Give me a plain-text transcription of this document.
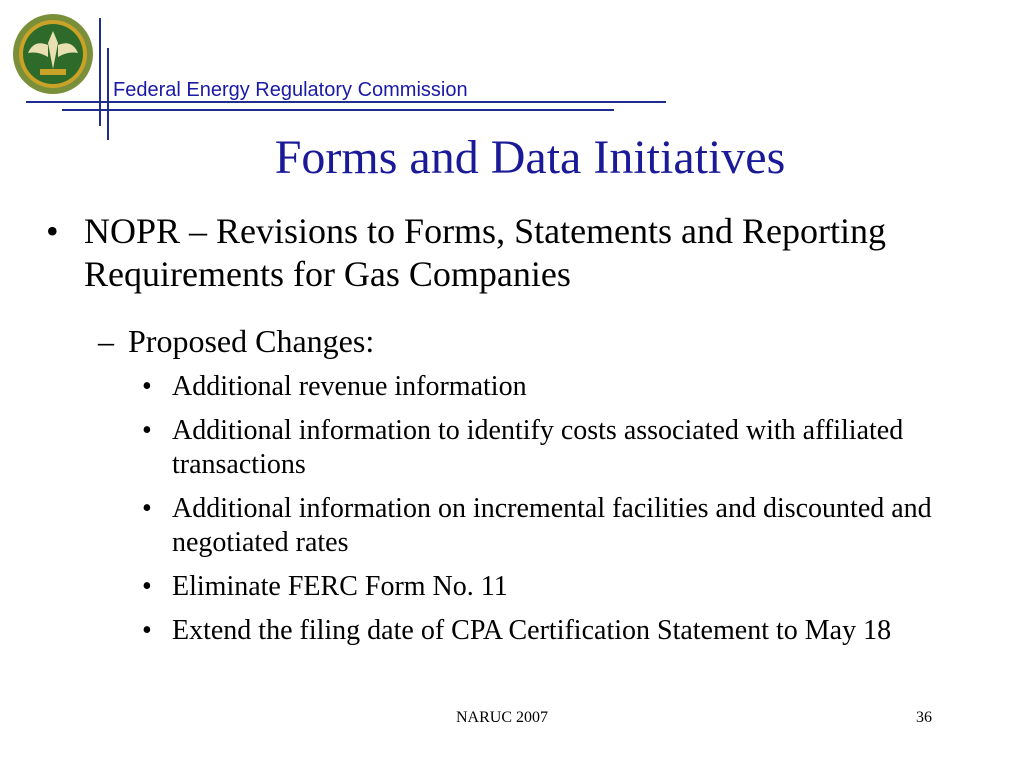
Federal Energy Regulatory Commission
Forms and Data Initiatives
• NOPR – Revisions to Forms, Statements and Reporting Requirements for Gas Companies
– Proposed Changes:
• Additional revenue information
• Additional information to identify costs associated with affiliated transactions
• Additional information on incremental facilities and discounted and negotiated rates
• Eliminate FERC Form No. 11
• Extend the filing date of CPA Certification Statement to May 18
NARUC 2007	36
